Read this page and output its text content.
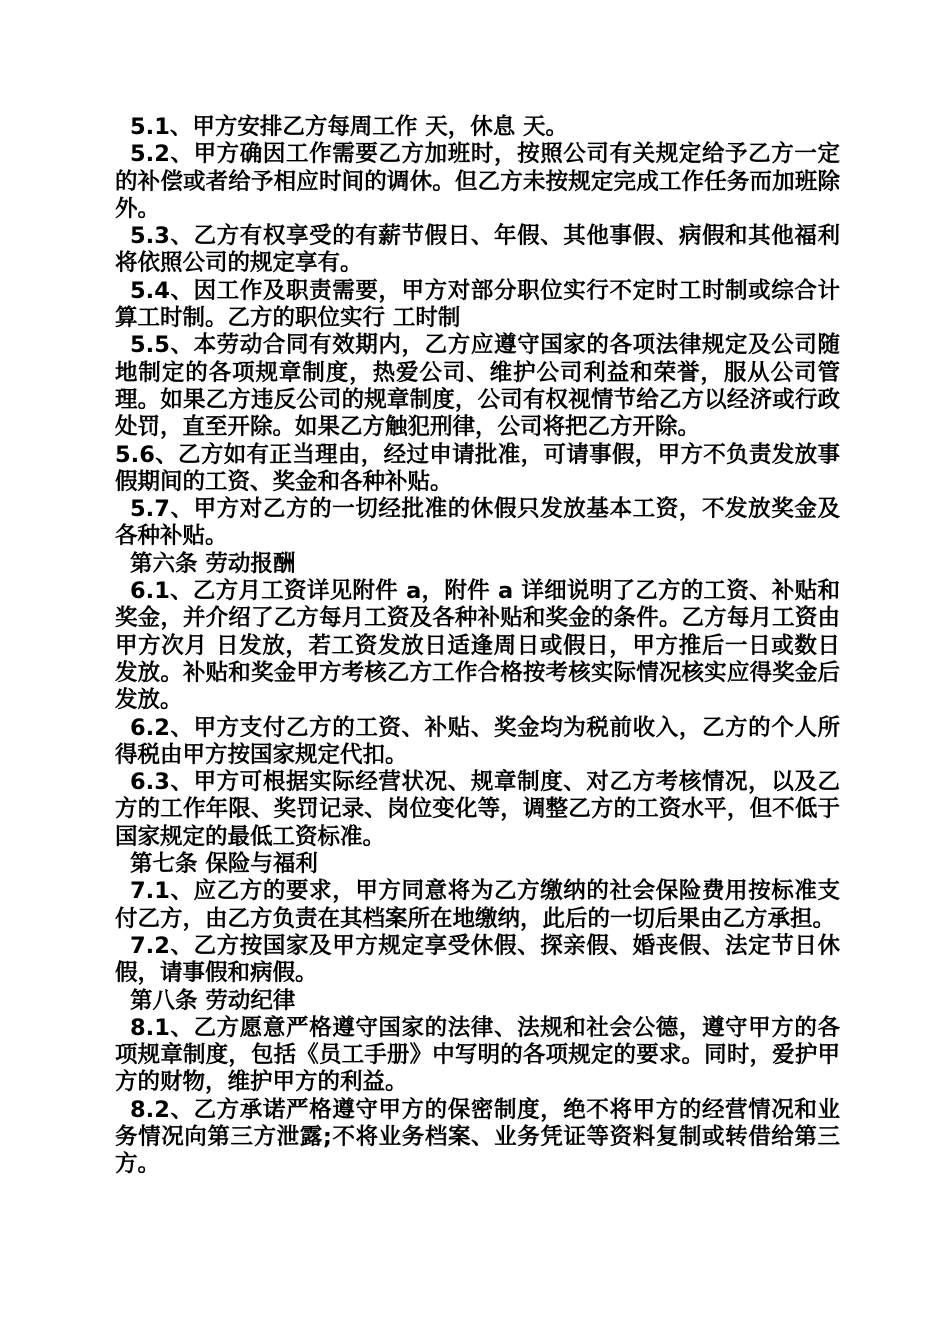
5.1、甲方安排乙方每周工作 天，休息 天。

5.2、甲方确因工作需要乙方加班时，按照公司有关规定给予乙方一定的补偿或者给予相应时间的调休。但乙方未按规定完成工作任务而加班除外。

5.3、乙方有权享受的有薪节假日、年假、其他事假、病假和其他福利将依照公司的规定享有。

5.4、因工作及职责需要，甲方对部分职位实行不定时工时制或综合计算工时制。乙方的职位实行 工时制

5.5、本劳动合同有效期内，乙方应遵守国家的各项法律规定及公司随地制定的各项规章制度，热爱公司、维护公司利益和荣誉，服从公司管理。如果乙方违反公司的规章制度，公司有权视情节给乙方以经济或行政处罚，直至开除。如果乙方触犯刑律，公司将把乙方开除。

5.6、乙方如有正当理由，经过申请批准，可请事假，甲方不负责发放事假期间的工资、奖金和各种补贴。

5.7、甲方对乙方的一切经批准的休假只发放基本工资，不发放奖金及各种补贴。

第六条 劳动报酬

6.1、乙方月工资详见附件 a，附件 a 详细说明了乙方的工资、补贴和奖金，并介绍了乙方每月工资及各种补贴和奖金的条件。乙方每月工资由甲方次月 日发放，若工资发放日适逢周日或假日，甲方推后一日或数日发放。补贴和奖金甲方考核乙方工作合格按考核实际情况核实应得奖金后发放。

6.2、甲方支付乙方的工资、补贴、奖金均为税前收入，乙方的个人所得税由甲方按国家规定代扣。

6.3、甲方可根据实际经营状况、规章制度、对乙方考核情况，以及乙方的工作年限、奖罚记录、岗位变化等，调整乙方的工资水平，但不低于国家规定的最低工资标准。

第七条 保险与福利

7.1、应乙方的要求，甲方同意将为乙方缴纳的社会保险费用按标准支付乙方，由乙方负责在其档案所在地缴纳，此后的一切后果由乙方承担。

7.2、乙方按国家及甲方规定享受休假、探亲假、婚丧假、法定节日休假，请事假和病假。

第八条 劳动纪律

8.1、乙方愿意严格遵守国家的法律、法规和社会公德，遵守甲方的各项规章制度，包括《员工手册》中写明的各项规定的要求。同时，爱护甲方的财物，维护甲方的利益。

8.2、乙方承诺严格遵守甲方的保密制度，绝不将甲方的经营情况和业务情况向第三方泄露;不将业务档案、业务凭证等资料复制或转借给第三方。
